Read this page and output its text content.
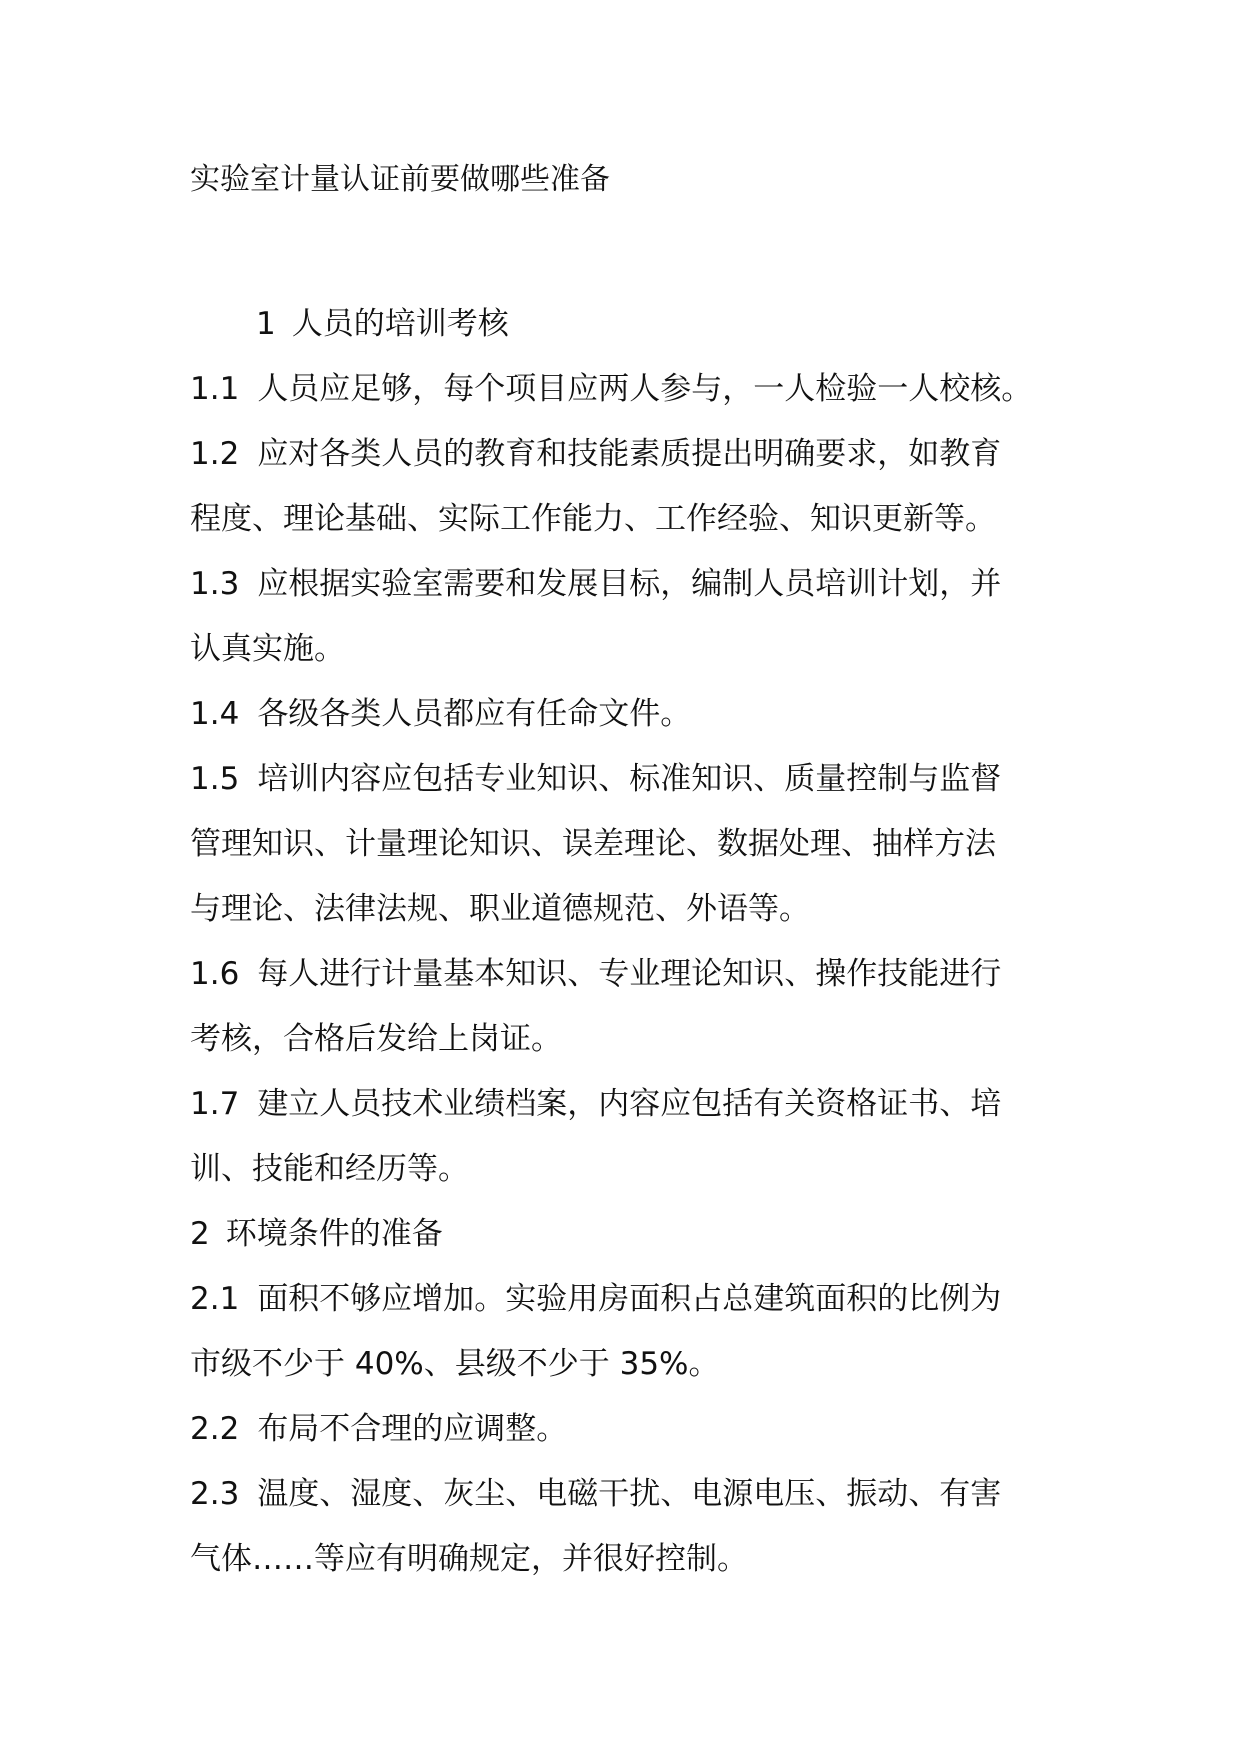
实验室计量认证前要做哪些准备

1 人员的培训考核

1.1 人员应足够，每个项目应两人参与，一人检验一人校核。

1.2 应对各类人员的教育和技能素质提出明确要求，如教育

程度、理论基础、实际工作能力、工作经验、知识更新等。

1.3 应根据实验室需要和发展目标，编制人员培训计划，并

认真实施。

1.4 各级各类人员都应有任命文件。

1.5 培训内容应包括专业知识、标准知识、质量控制与监督

管理知识、计量理论知识、误差理论、数据处理、抽样方法

与理论、法律法规、职业道德规范、外语等。

1.6 每人进行计量基本知识、专业理论知识、操作技能进行

考核，合格后发给上岗证。

1.7 建立人员技术业绩档案，内容应包括有关资格证书、培

训、技能和经历等。

2 环境条件的准备

2.1 面积不够应增加。实验用房面积占总建筑面积的比例为

市级不少于 40%、县级不少于 35%。

2.2 布局不合理的应调整。

2.3 温度、湿度、灰尘、电磁干扰、电源电压、振动、有害

气体……等应有明确规定，并很好控制。
